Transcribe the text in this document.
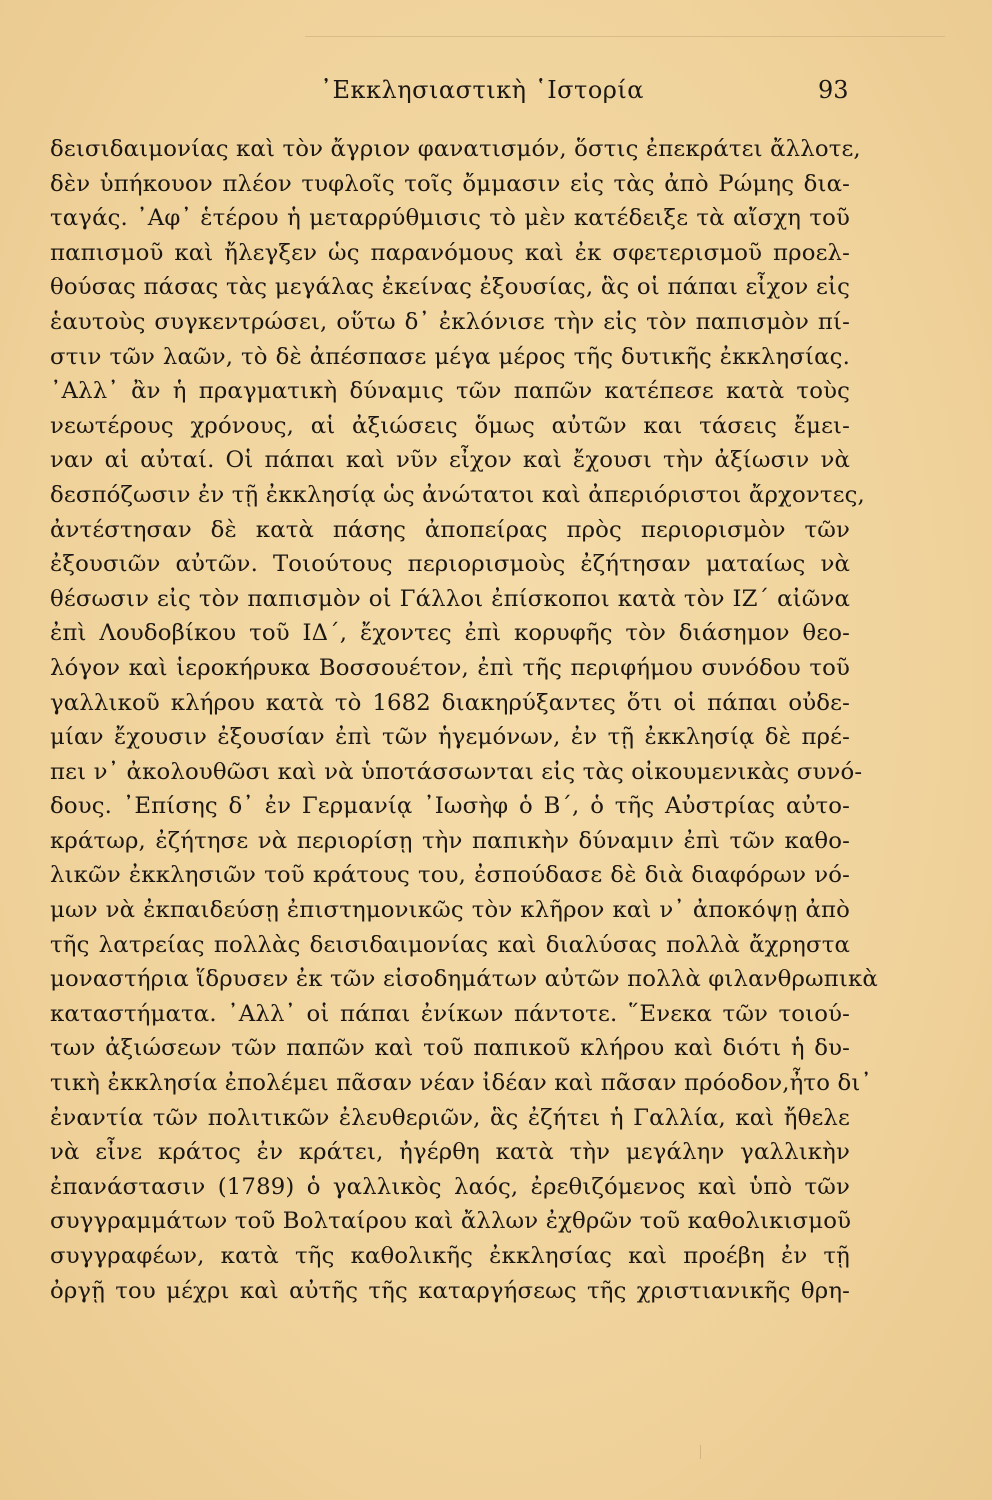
᾿Εκκλησιαστικὴ ῾Ιστορία	93
δεισιδαιμονίας καὶ τὸν ἄγριον φανατισμόν, ὅστις ἐπεκράτει ἄλλοτε,
δὲν ὑπήκουον πλέον τυφλοῖς τοῖς ὄμμασιν εἰς τὰς ἀπὸ Ρώμης δια-
ταγάς. ᾿Αφ᾿ ἑτέρου ἡ μεταρρύθμισις τὸ μὲν κατέδειξε τὰ αἴσχη τοῦ
παπισμοῦ καὶ ἤλεγξεν ὡς παρανόμους καὶ ἐκ σφετερισμοῦ προελ-
θούσας πάσας τὰς μεγάλας ἐκείνας ἐξουσίας, ἃς οἱ πάπαι εἶχον εἰς
ἑαυτοὺς συγκεντρώσει, οὕτω δ᾿ ἐκλόνισε τὴν εἰς τὸν παπισμὸν πί-
στιν τῶν λαῶν, τὸ δὲ ἀπέσπασε μέγα μέρος τῆς δυτικῆς ἐκκλησίας.
᾿Αλλ᾿ ἂν ἡ πραγματικὴ δύναμις τῶν παπῶν κατέπεσε κατὰ τοὺς
νεωτέρους χρόνους, αἱ ἀξιώσεις ὅμως αὐτῶν και τάσεις ἔμει-
ναν αἱ αὐταί. Οἱ πάπαι καὶ νῦν εἶχον καὶ ἔχουσι τὴν ἀξίωσιν νὰ
δεσπόζωσιν ἐν τῇ ἐκκλησίᾳ ὡς ἀνώτατοι καὶ ἀπεριόριστοι ἄρχοντες,
ἀντέστησαν δὲ κατὰ πάσης ἀποπείρας πρὸς περιορισμὸν τῶν
ἐξουσιῶν αὐτῶν. Τοιούτους περιορισμοὺς ἐζήτησαν ματαίως νὰ
θέσωσιν εἰς τὸν παπισμὸν οἱ Γάλλοι ἐπίσκοποι κατὰ τὸν ΙΖ΄ αἰῶνα
ἐπὶ Λουδοβίκου τοῦ ΙΔ΄, ἔχοντες ἐπὶ κορυφῆς τὸν διάσημον θεο-
λόγον καὶ ἱεροκήρυκα Βοσσουέτον, ἐπὶ τῆς περιφήμου συνόδου τοῦ
γαλλικοῦ κλήρου κατὰ τὸ 1682 διακηρύξαντες ὅτι οἱ πάπαι οὐδε-
μίαν ἔχουσιν ἐξουσίαν ἐπὶ τῶν ἡγεμόνων, ἐν τῇ ἐκκλησίᾳ δὲ πρέ-
πει ν᾿ ἀκολουθῶσι καὶ νὰ ὑποτάσσωνται εἰς τὰς οἰκουμενικὰς συνό-
δους. ᾿Επίσης δ᾿ ἐν Γερμανίᾳ ᾿Ιωσὴφ ὁ Β΄, ὁ τῆς Αὐστρίας αὐτο-
κράτωρ, ἐζήτησε νὰ περιορίσῃ τὴν παπικὴν δύναμιν ἐπὶ τῶν καθο-
λικῶν ἐκκλησιῶν τοῦ κράτους του, ἐσπούδασε δὲ διὰ διαφόρων νό-
μων νὰ ἐκπαιδεύσῃ ἐπιστημονικῶς τὸν κλῆρον καὶ ν᾿ ἀποκόψῃ ἀπὸ
τῆς λατρείας πολλὰς δεισιδαιμονίας καὶ διαλύσας πολλὰ ἄχρηστα
μοναστήρια ἵδρυσεν ἐκ τῶν εἰσοδημάτων αὐτῶν πολλὰ φιλανθρωπικὰ
καταστήματα. ᾿Αλλ᾿ οἱ πάπαι ἐνίκων πάντοτε. ῞Ενεκα τῶν τοιού-
των ἀξιώσεων τῶν παπῶν καὶ τοῦ παπικοῦ κλήρου καὶ διότι ἡ δυ-
τικὴ ἐκκλησία ἐπολέμει πᾶσαν νέαν ἰδέαν καὶ πᾶσαν πρόοδον,ἦτο δι᾿
ἐναντία τῶν πολιτικῶν ἐλευθεριῶν, ἃς ἐζήτει ἡ Γαλλία, καὶ ἤθελε
νὰ εἶνε κράτος ἐν κράτει, ἠγέρθη κατὰ τὴν μεγάλην γαλλικὴν
ἐπανάστασιν (1789) ὁ γαλλικὸς λαός, ἐρεθιζόμενος καὶ ὑπὸ τῶν
συγγραμμάτων τοῦ Βολταίρου καὶ ἄλλων ἐχθρῶν τοῦ καθολικισμοῦ
συγγραφέων, κατὰ τῆς καθολικῆς ἐκκλησίας καὶ προέβη ἐν τῇ
ὀργῇ του μέχρι καὶ αὐτῆς τῆς καταργήσεως τῆς χριστιανικῆς θρη-
